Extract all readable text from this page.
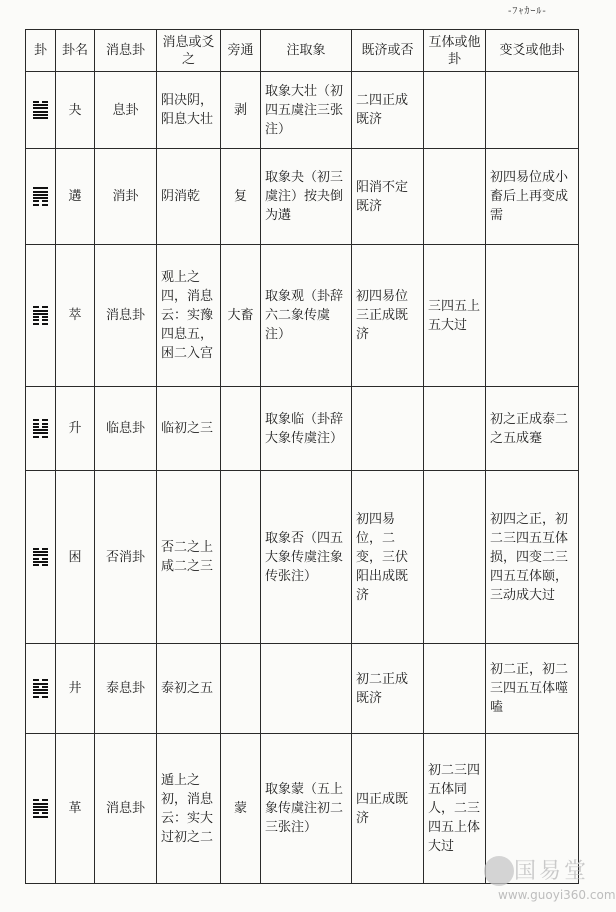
-ﾌｬｶｰﾙ-
卦	卦名	消息卦	消息或爻之	旁通	注取象	既济或否	互体或他卦	变爻或他卦

	夬	息卦	阳决阴，阳息大壮	剥	取象大壮（初四五虞注三张注）	二四正成既济		

	遘	消卦	阴消乾	复	取象夬（初三虞注）按夬倒为遘	阳消不定既济		初四易位成小畜后上再变成需

	萃	消息卦	观上之四，消息云：实豫四息五，困二入宫	大畜	取象观（卦辞六二象传虞注）	初四易位三正成既济	三四五上五大过	

	升	临息卦	临初之三		取象临（卦辞大象传虞注）			初之正成泰二之五成蹇

	困	否消卦	否二之上咸二之三		取象否（四五大象传虞注象传张注）	初四易位，二变，三伏阳出成既济		初四之正，初二三四五互体损，四变二三四五互体颐，三动成大过

	井	泰息卦	泰初之五			初二正成既济		初二正，初二三四五互体噬嗑

	革	消息卦	遁上之初，消息云：实大过初之二	蒙	取象蒙（五上象传虞注初二三张注）	四正成既济	初二三四五体同人，二三四五上体大过	
国易堂
www.guoyi360.com
